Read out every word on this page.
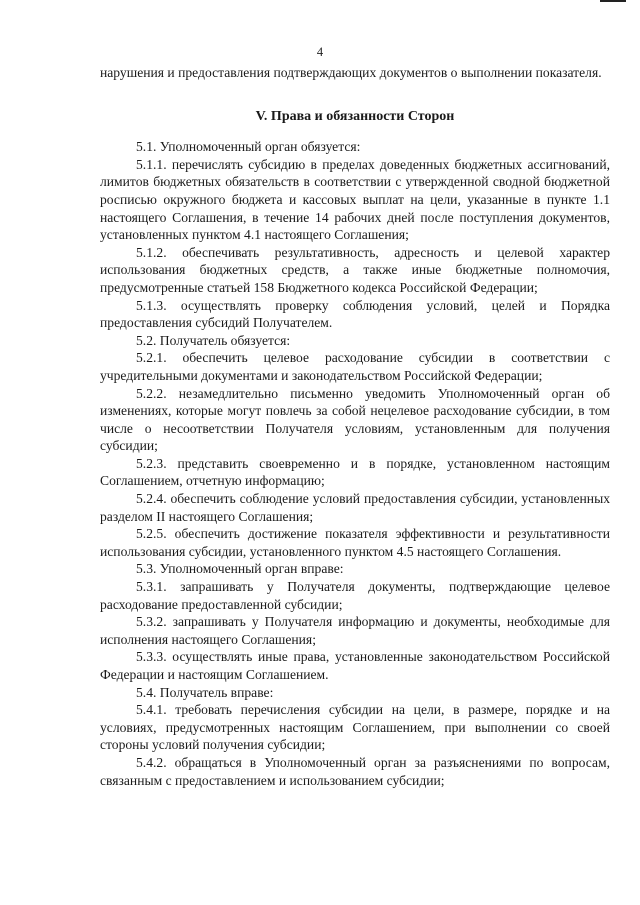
4

нарушения и предоставления подтверждающих документов о выполнении показателя.

V. Права и обязанности Сторон

5.1. Уполномоченный орган обязуется:

5.1.1. перечислять субсидию в пределах доведенных бюджетных ассигнований, лимитов бюджетных обязательств в соответствии с утвержденной сводной бюджетной росписью окружного бюджета и кассовых выплат на цели, указанные в пункте 1.1 настоящего Соглашения, в течение 14 рабочих дней после поступления документов, установленных пунктом 4.1 настоящего Соглашения;

5.1.2. обеспечивать результативность, адресность и целевой характер использования бюджетных средств, а также иные бюджетные полномочия, предусмотренные статьей 158 Бюджетного кодекса Российской Федерации;

5.1.3. осуществлять проверку соблюдения условий, целей и Порядка предоставления субсидий Получателем.

5.2. Получатель обязуется:

5.2.1. обеспечить целевое расходование субсидии в соответствии с учредительными документами и законодательством Российской Федерации;

5.2.2. незамедлительно письменно уведомить Уполномоченный орган об изменениях, которые могут повлечь за собой нецелевое расходование субсидии, в том числе о несоответствии Получателя условиям, установленным для получения субсидии;

5.2.3. представить своевременно и в порядке, установленном настоящим Соглашением, отчетную информацию;

5.2.4. обеспечить соблюдение условий предоставления субсидии, установленных разделом II настоящего Соглашения;

5.2.5. обеспечить достижение показателя эффективности и результативности использования субсидии, установленного пунктом 4.5 настоящего Соглашения.

5.3. Уполномоченный орган вправе:

5.3.1. запрашивать у Получателя документы, подтверждающие целевое расходование предоставленной субсидии;

5.3.2. запрашивать у Получателя информацию и документы, необходимые для исполнения настоящего Соглашения;

5.3.3. осуществлять иные права, установленные законодательством Российской Федерации и настоящим Соглашением.

5.4. Получатель вправе:

5.4.1. требовать перечисления субсидии на цели, в размере, порядке и на условиях, предусмотренных настоящим Соглашением, при выполнении со своей стороны условий получения субсидии;

5.4.2. обращаться в Уполномоченный орган за разъяснениями по вопросам, связанным с предоставлением и использованием субсидии;
